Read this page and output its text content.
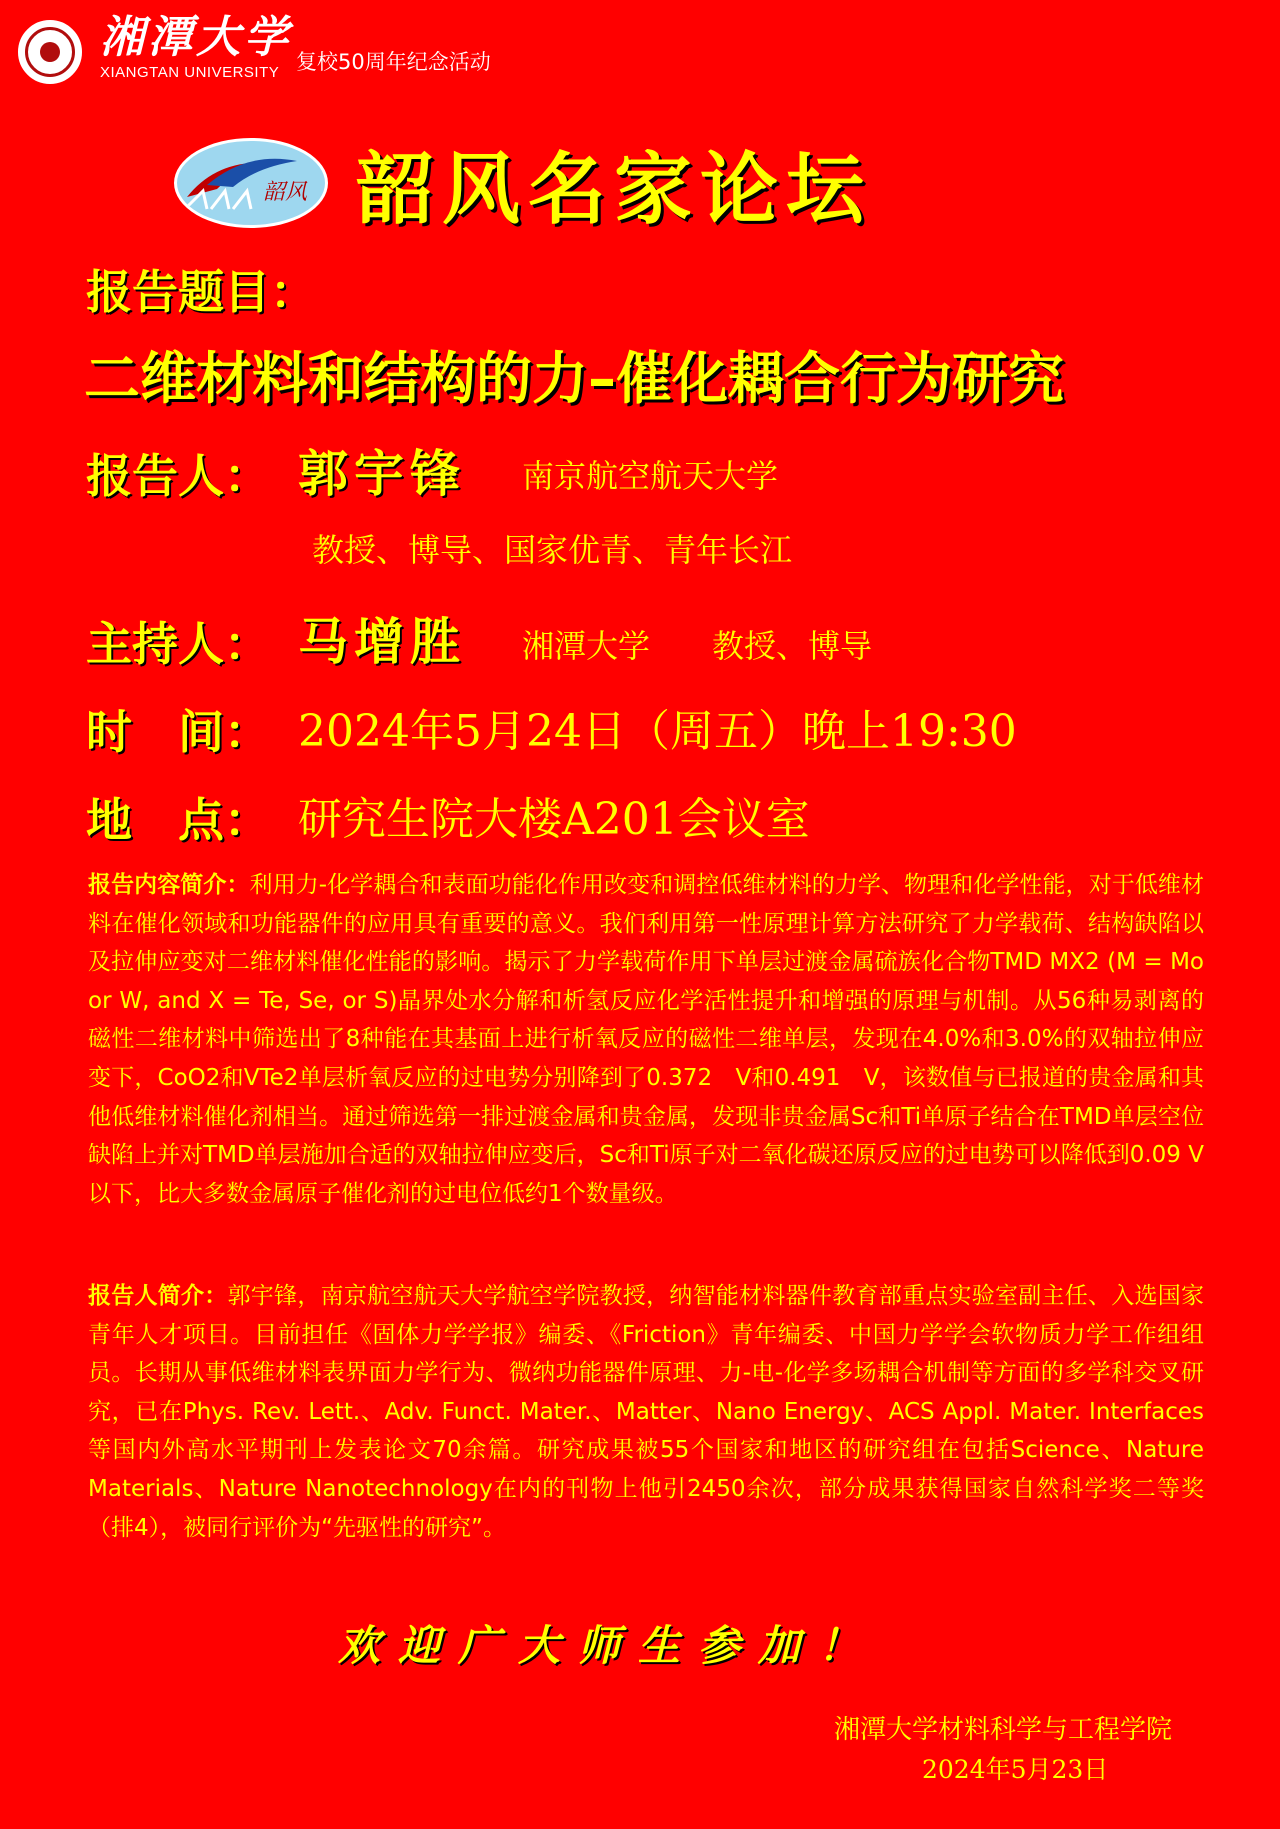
湘潭大学
XIANGTAN UNIVERSITY 复校50周年纪念活动
韶风 韶风名家论坛
报告题目：
二维材料和结构的力–催化耦合行为研究
报告人： 郭宇锋 南京航空航天大学
教授、博导、国家优青、青年长江
主持人： 马增胜 湘潭大学 教授、博导
时　间： 2024年5月24日（周五）晚上19:30
地　点： 研究生院大楼A201会议室
报告内容简介：利用力-化学耦合和表面功能化作用改变和调控低维材料的力学、物理和化学性能，对于低维材料在催化领域和功能器件的应用具有重要的意义。我们利用第一性原理计算方法研究了力学载荷、结构缺陷以及拉伸应变对二维材料催化性能的影响。揭示了力学载荷作用下单层过渡金属硫族化合物TMD MX2 (M = Mo or W, and X = Te, Se, or S)晶界处水分解和析氢反应化学活性提升和增强的原理与机制。从56种易剥离的磁性二维材料中筛选出了8种能在其基面上进行析氧反应的磁性二维单层，发现在4.0%和3.0%的双轴拉伸应变下，CoO2和VTe2单层析氧反应的过电势分别降到了0.372　V和0.491　V，该数值与已报道的贵金属和其他低维材料催化剂相当。通过筛选第一排过渡金属和贵金属，发现非贵金属Sc和Ti单原子结合在TMD单层空位缺陷上并对TMD单层施加合适的双轴拉伸应变后，Sc和Ti原子对二氧化碳还原反应的过电势可以降低到0.09 V以下，比大多数金属原子催化剂的过电位低约1个数量级。
报告人简介：郭宇锋，南京航空航天大学航空学院教授，纳智能材料器件教育部重点实验室副主任、入选国家青年人才项目。目前担任《固体力学学报》编委、《Friction》青年编委、中国力学学会软物质力学工作组组员。长期从事低维材料表界面力学行为、微纳功能器件原理、力-电-化学多场耦合机制等方面的多学科交叉研究，已在Phys. Rev. Lett.、Adv. Funct. Mater.、Matter、Nano Energy、ACS Appl. Mater. Interfaces等国内外高水平期刊上发表论文70余篇。研究成果被55个国家和地区的研究组在包括Science、Nature Materials、Nature Nanotechnology在内的刊物上他引2450余次，部分成果获得国家自然科学奖二等奖（排4），被同行评价为“先驱性的研究”。
欢迎广大师生参加！
湘潭大学材料科学与工程学院
2024年5月23日
